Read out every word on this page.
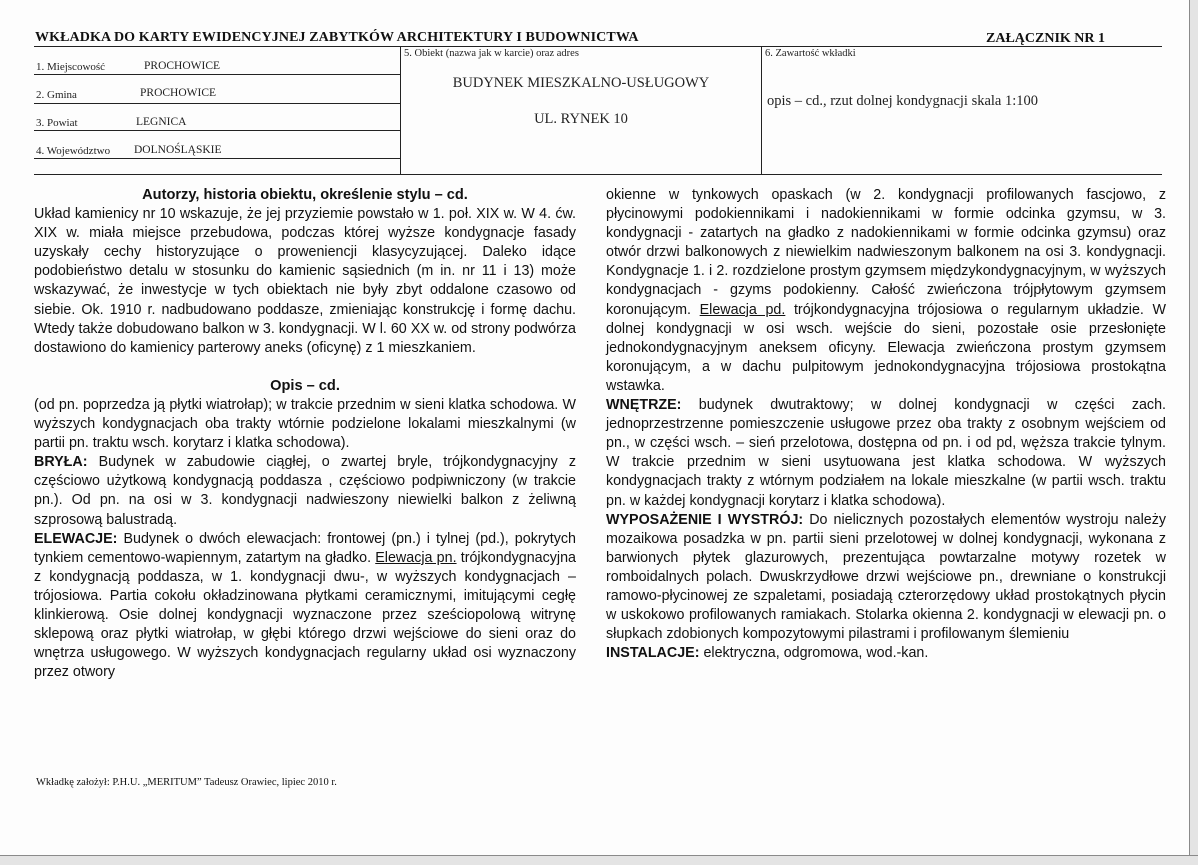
WKŁADKA DO KARTY EWIDENCYJNEJ ZABYTKÓW ARCHITEKTURY I BUDOWNICTWA	ZAŁĄCZNIK NR 1
1. Miejscowość	PROCHOWICE
2. Gmina	PROCHOWICE
3. Powiat	LEGNICA
4. Województwo DOLNOŚLĄSKIE
5. Obiekt (nazwa jak w karcie) oraz adres
BUDYNEK MIESZKALNO-USŁUGOWY
UL. RYNEK 10
6. Zawartość wkładki
opis – cd., rzut dolnej kondygnacji skala 1:100

Autorzy, historia obiektu, określenie stylu – cd.

Układ kamienicy nr 10 wskazuje, że jej przyziemie powstało w 1. poł. XIX w. W 4. ćw. XIX w. miała miejsce przebudowa, podczas której wyższe kondygnacje fasady uzyskały cechy historyzujące o proweniencji klasycyzującej. Daleko idące podobieństwo detalu w stosunku do kamienic sąsiednich (m in. nr 11 i 13) może wskazywać, że inwestycje w tych obiektach nie były zbyt oddalone czasowo od siebie. Ok. 1910 r. nadbudowano poddasze, zmieniając konstrukcję i formę dachu. Wtedy także dobudowano balkon w 3. kondygnacji. W l. 60 XX w. od strony podwórza dostawiono do kamienicy parterowy aneks (oficynę) z 1 mieszkaniem.

Opis – cd.

(od pn. poprzedza ją płytki wiatrołap); w trakcie przednim w sieni klatka schodowa. W wyższych kondygnacjach oba trakty wtórnie podzielone lokalami mieszkalnymi (w partii pn. traktu wsch. korytarz i klatka schodowa).

BRYŁA: Budynek w zabudowie ciągłej, o zwartej bryle, trójkondygnacyjny z częściowo użytkową kondygnacją poddasza , częściowo podpiwniczony (w trakcie pn.). Od pn. na osi w 3. kondygnacji nadwieszony niewielki balkon z żeliwną szprosową balustradą.

ELEWACJE: Budynek o dwóch elewacjach: frontowej (pn.) i tylnej (pd.), pokrytych tynkiem cementowo-wapiennym, zatartym na gładko. Elewacja pn. trójkondygnacyjna z kondygnacją poddasza, w 1. kondygnacji dwu-, w wyższych kondygnacjach – trójosiowa. Partia cokołu okładzinowana płytkami ceramicznymi, imitującymi cegłę klinkierową. Osie dolnej kondygnacji wyznaczone przez sześciopolową witrynę sklepową oraz płytki wiatrołap, w głębi którego drzwi wejściowe do sieni oraz do wnętrza usługowego. W wyższych kondygnacjach regularny układ osi wyznaczony przez otwory

okienne w tynkowych opaskach (w 2. kondygnacji profilowanych fascjowo, z płycinowymi podokiennikami i nadokiennikami w formie odcinka gzymsu, w 3. kondygnacji - zatartych na gładko z nadokiennikami w formie odcinka gzymsu) oraz otwór drzwi balkonowych z niewielkim nadwieszonym balkonem na osi 3. kondygnacji. Kondygnacje 1. i 2. rozdzielone prostym gzymsem międzykondygnacyjnym, w wyższych kondygnacjach - gzyms podokienny. Całość zwieńczona trójpłytowym gzymsem koronującym. Elewacja pd. trójkondygnacyjna trójosiowa o regularnym układzie. W dolnej kondygnacji w osi wsch. wejście do sieni, pozostałe osie przesłonięte jednokondygnacyjnym aneksem oficyny. Elewacja zwieńczona prostym gzymsem koronującym, a w dachu pulpitowym jednokondygnacyjna trójosiowa prostokątna wstawka.

WNĘTRZE: budynek dwutraktowy; w dolnej kondygnacji w części zach. jednoprzestrzenne pomieszczenie usługowe przez oba trakty z osobnym wejściem od pn., w części wsch. – sień przelotowa, dostępna od pn. i od pd, węższa trakcie tylnym. W trakcie przednim w sieni usytuowana jest klatka schodowa. W wyższych kondygnacjach trakty z wtórnym podziałem na lokale mieszkalne (w partii wsch. traktu pn. w każdej kondygnacji korytarz i klatka schodowa).

WYPOSAŻENIE I WYSTRÓJ: Do nielicznych pozostałych elementów wystroju należy mozaikowa posadzka w pn. partii sieni przelotowej w dolnej kondygnacji, wykonana z barwionych płytek glazurowych, prezentująca powtarzalne motywy rozetek w romboidalnych polach. Dwuskrzydłowe drzwi wejściowe pn., drewniane o konstrukcji ramowo-płycinowej ze szpaletami, posiadają czterorzędowy układ prostokątnych płycin w uskokowo profilowanych ramiakach. Stolarka okienna 2. kondygnacji w elewacji pn. o słupkach zdobionych kompozytowymi pilastrami i profilowanym ślemieniu

INSTALACJE: elektryczna, odgromowa, wod.-kan.

Wkładkę założył: P.H.U. „MERITUM” Tadeusz Orawiec, lipiec 2010 r.
